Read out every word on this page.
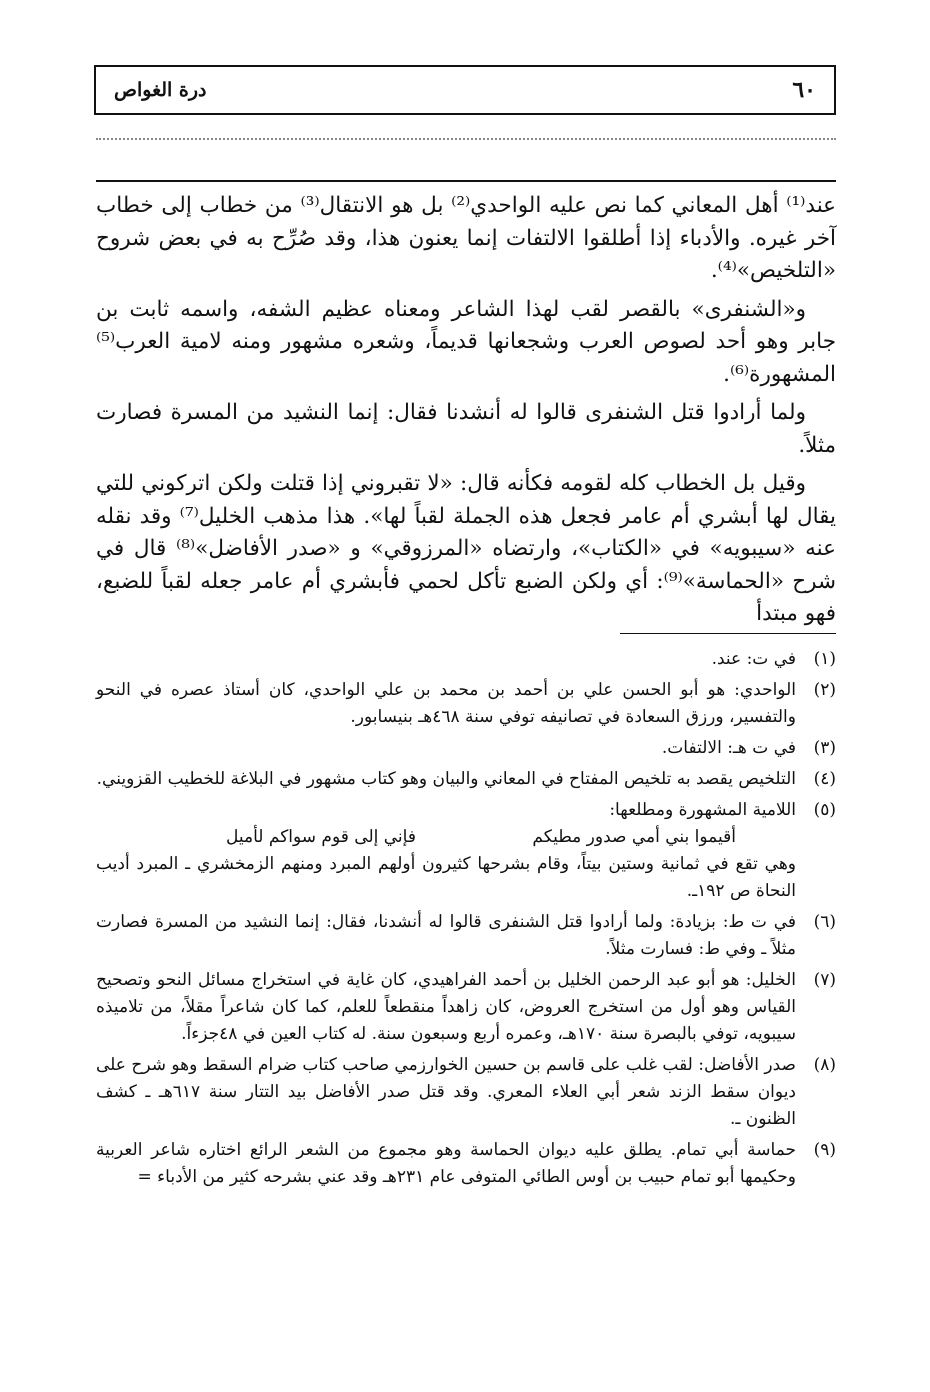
٦٠
درة الغواص

عند⁽¹⁾ أهل المعاني كما نص عليه الواحدي⁽²⁾ بل هو الانتقال⁽³⁾ من خطاب إلى خطاب آخر غيره. والأدباء إذا أطلقوا الالتفات إنما يعنون هذا، وقد صُرِّح به في بعض شروح «التلخيص»⁽⁴⁾.

و«الشنفرى» بالقصر لقب لهذا الشاعر ومعناه عظيم الشفه، واسمه ثابت بن جابر وهو أحد لصوص العرب وشجعانها قديماً، وشعره مشهور ومنه لامية العرب⁽⁵⁾ المشهورة⁽⁶⁾.

ولما أرادوا قتل الشنفرى قالوا له أنشدنا فقال: إنما النشيد من المسرة فصارت مثلاً.

وقيل بل الخطاب كله لقومه فكأنه قال: «لا تقبروني إذا قتلت ولكن اتركوني للتي يقال لها أبشري أم عامر فجعل هذه الجملة لقباً لها». هذا مذهب الخليل⁽⁷⁾ وقد نقله عنه «سيبويه» في «الكتاب»، وارتضاه «المرزوقي» و «صدر الأفاضل»⁽⁸⁾ قال في شرح «الحماسة»⁽⁹⁾: أي ولكن الضبع تأكل لحمي فأبشري أم عامر جعله لقباً للضبع، فهو مبتدأ

(١)
في ت: عند.
(٢)
الواحدي: هو أبو الحسن علي بن أحمد بن محمد بن علي الواحدي، كان أستاذ عصره في النحو والتفسير، ورزق السعادة في تصانيفه توفي سنة ٤٦٨هـ بنيسابور.
(٣)
في ت هـ: الالتفات.
(٤)
التلخيص يقصد به تلخيص المفتاح في المعاني والبيان وهو كتاب مشهور في البلاغة للخطيب القزويني.
(٥)
اللامية المشهورة ومطلعها:
أقيموا بني أمي صدور مطيكم
فإني إلى قوم سواكم لأميل
وهي تقع في ثمانية وستين بيتاً، وقام بشرحها كثيرون أولهم المبرد ومنهم الزمخشري ـ المبرد أديب النحاة ص ١٩٢ـ.
(٦)
في ت ط: بزيادة: ولما أرادوا قتل الشنفرى قالوا له أنشدنا، فقال: إنما النشيد من المسرة فصارت مثلاً ـ وفي ط: فسارت مثلاً.
(٧)
الخليل: هو أبو عبد الرحمن الخليل بن أحمد الفراهيدي، كان غاية في استخراج مسائل النحو وتصحيح القياس وهو أول من استخرج العروض، كان زاهداً منقطعاً للعلم، كما كان شاعراً مقلاً، من تلاميذه سيبويه، توفي بالبصرة سنة ١٧٠هـ، وعمره أربع وسبعون سنة. له كتاب العين في ٤٨جزءاً.
(٨)
صدر الأفاضل: لقب غلب على قاسم بن حسين الخوارزمي صاحب كتاب ضرام السقط وهو شرح على ديوان سقط الزند شعر أبي العلاء المعري. وقد قتل صدر الأفاضل بيد التتار سنة ٦١٧هـ ـ كشف الظنون ـ.
(٩)
حماسة أبي تمام. يطلق عليه ديوان الحماسة وهو مجموع من الشعر الرائع اختاره شاعر العربية وحكيمها أبو تمام حبيب بن أوس الطائي المتوفى عام ٢٣١هـ وقد عني بشرحه كثير من الأدباء =
